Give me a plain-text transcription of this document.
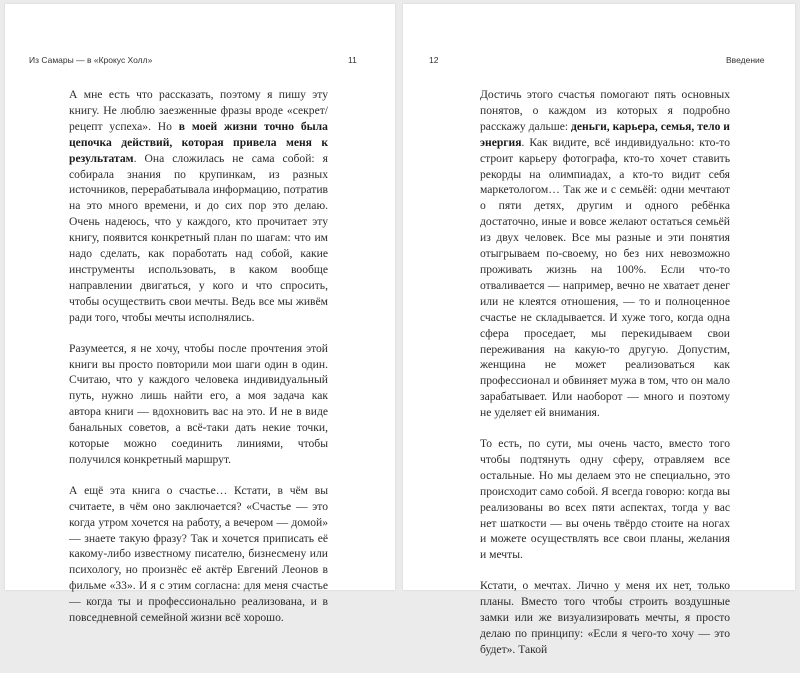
Из Самары — в «Крокус Холл»	11

А мне есть что рассказать, поэтому я пишу эту книгу. Не люблю заезженные фразы вроде «секрет/рецепт успеха». Но в моей жизни точно была цепочка действий, которая привела меня к результатам. Она сложилась не сама собой: я собирала знания по крупинкам, из разных источников, перерабатывала информацию, потратив на это много времени, и до сих пор это делаю. Очень надеюсь, что у каждого, кто прочитает эту книгу, появится конкретный план по шагам: что им надо сделать, как поработать над собой, какие инструменты использовать, в каком вообще направлении двигаться, у кого и что спросить, чтобы осуществить свои мечты. Ведь все мы живём ради того, чтобы мечты исполнялись.

Разумеется, я не хочу, чтобы после прочтения этой книги вы просто повторили мои шаги один в один. Считаю, что у каждого человека индивидуальный путь, нужно лишь найти его, а моя задача как автора книги — вдохновить вас на это. И не в виде банальных советов, а всё-таки дать некие точки, которые можно соединить линиями, чтобы получился конкретный маршрут.

А ещё эта книга о счастье… Кстати, в чём вы считаете, в чём оно заключается? «Счастье — это когда утром хочется на работу, а вечером — домой» — знаете такую фразу? Так и хочется приписать её какому-либо известному писателю, бизнесмену или психологу, но произнёс её актёр Евгений Леонов в фильме «33». И я с этим согласна: для меня счастье — когда ты и профессионально реализована, и в повседневной семейной жизни всё хорошо.

12	Введение

Достичь этого счастья помогают пять основных понятов, о каждом из которых я подробно расскажу дальше: деньги, карьера, семья, тело и энергия. Как видите, всё индивидуально: кто-то строит карьеру фотографа, кто-то хочет ставить рекорды на олимпиадах, а кто-то видит себя маркетологом… Так же и с семьёй: одни мечтают о пяти детях, другим и одного ребёнка достаточно, иные и вовсе желают остаться семьёй из двух человек. Все мы разные и эти понятия отыгрываем по-своему, но без них невозможно проживать жизнь на 100%. Если что-то отваливается — например, вечно не хватает денег или не клеятся отношения, — то и полноценное счастье не складывается. И хуже того, когда одна сфера проседает, мы перекидываем свои переживания на какую-то другую. Допустим, женщина не может реализоваться как профессионал и обвиняет мужа в том, что он мало зарабатывает. Или наоборот — много и поэтому не уделяет ей внимания.

То есть, по сути, мы очень часто, вместо того чтобы подтянуть одну сферу, отравляем все остальные. Но мы делаем это не специально, это происходит само собой. Я всегда говорю: когда вы реализованы во всех пяти аспектах, тогда у вас нет шаткости — вы очень твёрдо стоите на ногах и можете осуществлять все свои планы, желания и мечты.

Кстати, о мечтах. Лично у меня их нет, только планы. Вместо того чтобы строить воздушные замки или же визуализировать мечты, я просто делаю по принципу: «Если я чего-то хочу — это будет». Такой
